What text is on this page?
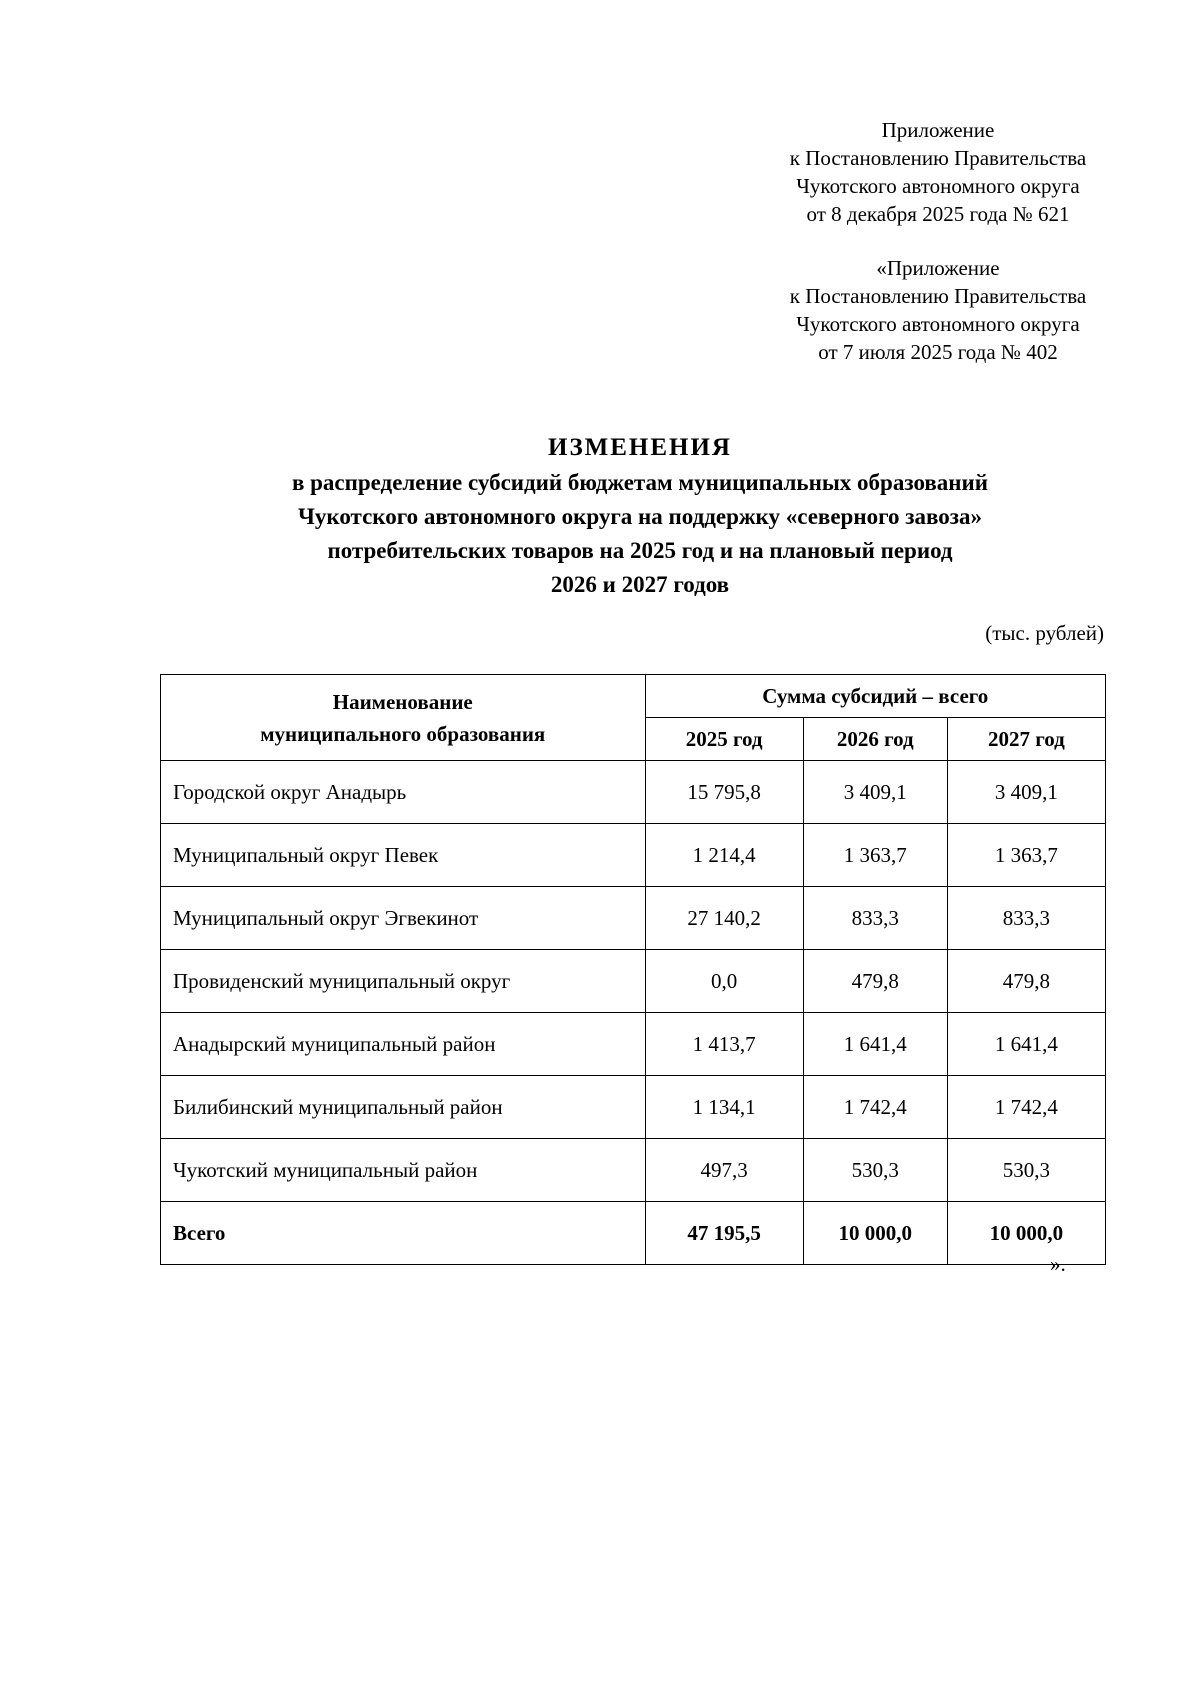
Приложение
к Постановлению Правительства
Чукотского автономного округа
от 8 декабря 2025 года № 621
«Приложение
к Постановлению Правительства
Чукотского автономного округа
от 7 июля 2025 года № 402
ИЗМЕНЕНИЯ
в распределение субсидий бюджетам муниципальных образований
Чукотского автономного округа на поддержку «северного завоза»
потребительских товаров на 2025 год и на плановый период
2026 и 2027 годов
(тыс. рублей)
Наименование
муниципального образования	Сумма субсидий – всего		
	2025 год	2026 год	2027 год
Городской округ Анадырь	15 795,8	3 409,1	3 409,1
Муниципальный округ Певек	1 214,4	1 363,7	1 363,7
Муниципальный округ Эгвекинот	27 140,2	833,3	833,3
Провиденский муниципальный округ	0,0	479,8	479,8
Анадырский муниципальный район	1 413,7	1 641,4	1 641,4
Билибинский муниципальный район	1 134,1	1 742,4	1 742,4
Чукотский муниципальный район	497,3	530,3	530,3
Всего	47 195,5	10 000,0	10 000,0
».
